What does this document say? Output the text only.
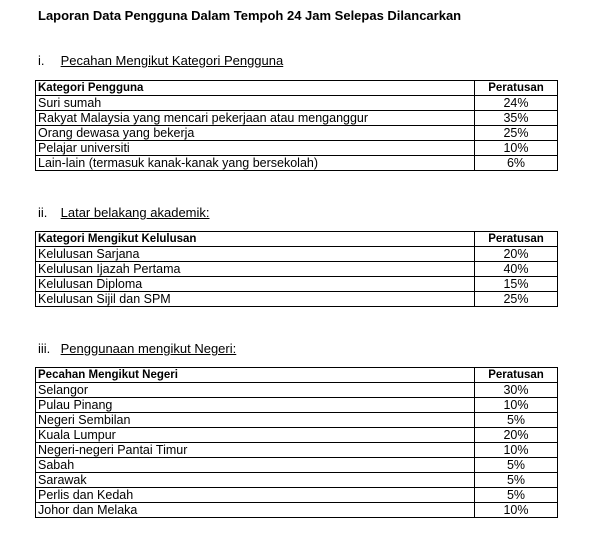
Laporan Data Pengguna Dalam Tempoh 24 Jam Selepas Dilancarkan
i. Pecahan Mengikut Kategori Pengguna
Kategori Pengguna	Peratusan
Suri sumah	24%
Rakyat Malaysia yang mencari pekerjaan atau menganggur	35%
Orang dewasa yang bekerja	25%
Pelajar universiti	10%
Lain-lain (termasuk kanak-kanak yang bersekolah)	6%
ii. Latar belakang akademik:
Kategori Mengikut Kelulusan	Peratusan
Kelulusan Sarjana	20%
Kelulusan Ijazah Pertama	40%
Kelulusan Diploma	15%
Kelulusan Sijil dan SPM	25%
iii. Penggunaan mengikut Negeri:
Pecahan Mengikut Negeri	Peratusan
Selangor	30%
Pulau Pinang	10%
Negeri Sembilan	5%
Kuala Lumpur	20%
Negeri-negeri Pantai Timur	10%
Sabah	5%
Sarawak	5%
Perlis dan Kedah	5%
Johor dan Melaka	10%
